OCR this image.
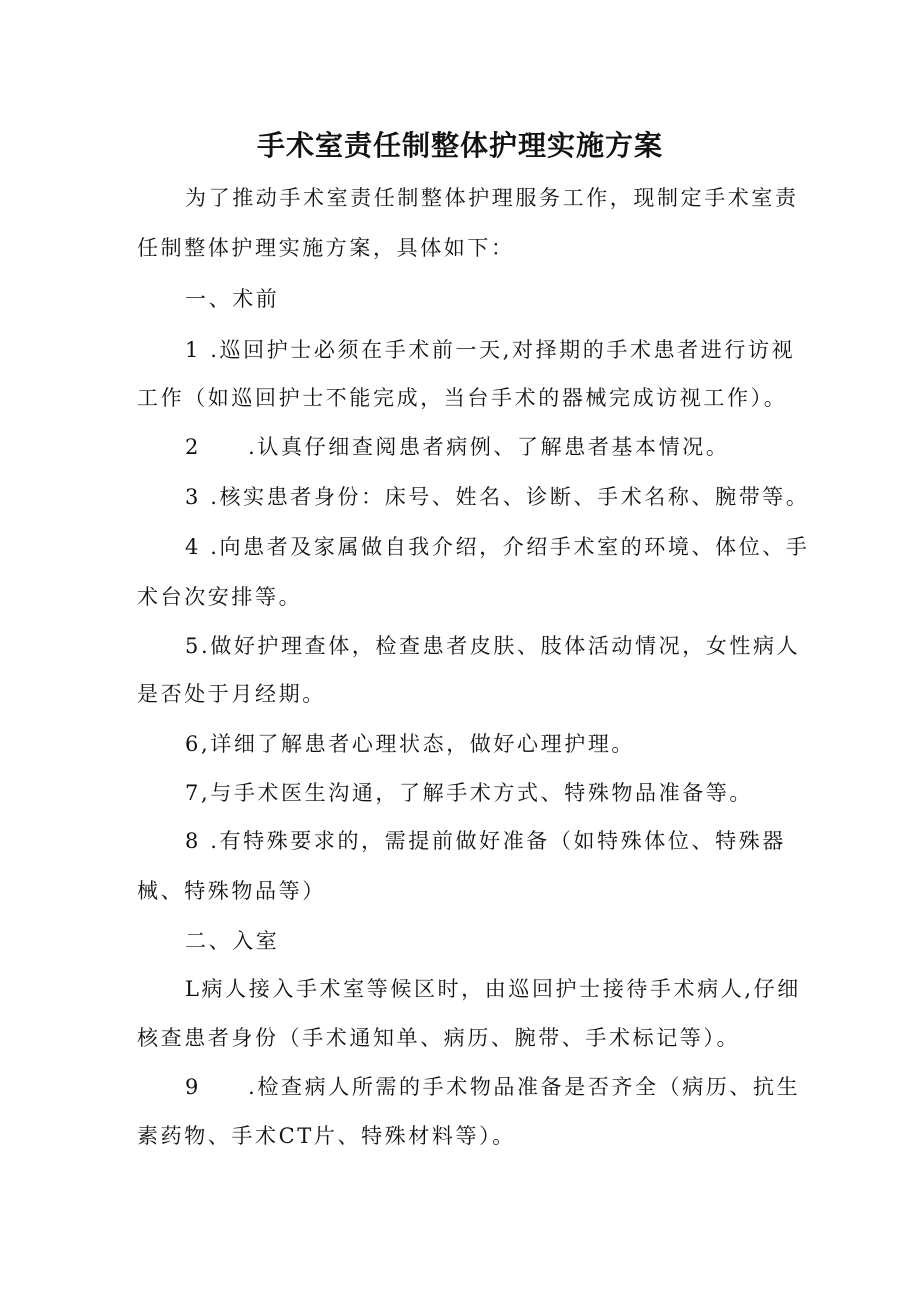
手术室责任制整体护理实施方案
为了推动手术室责任制整体护理服务工作，现制定手术室责
任制整体护理实施方案，具体如下：
一、术前
1 .巡回护士必须在手术前一天,对择期的手术患者进行访视
工作（如巡回护士不能完成，当台手术的器械完成访视工作）。
2　　.认真仔细查阅患者病例、了解患者基本情况。
3 .核实患者身份：床号、姓名、诊断、手术名称、腕带等。
4 .向患者及家属做自我介绍，介绍手术室的环境、体位、手
术台次安排等。
5.做好护理查体，检查患者皮肤、肢体活动情况，女性病人
是否处于月经期。
6,详细了解患者心理状态，做好心理护理。
7,与手术医生沟通，了解手术方式、特殊物品准备等。
8 .有特殊要求的，需提前做好准备（如特殊体位、特殊器
械、特殊物品等）
二、入室
L病人接入手术室等候区时，由巡回护士接待手术病人,仔细
核查患者身份（手术通知单、病历、腕带、手术标记等）。
9　　.检查病人所需的手术物品准备是否齐全（病历、抗生
素药物、手术CT片、特殊材料等）。
